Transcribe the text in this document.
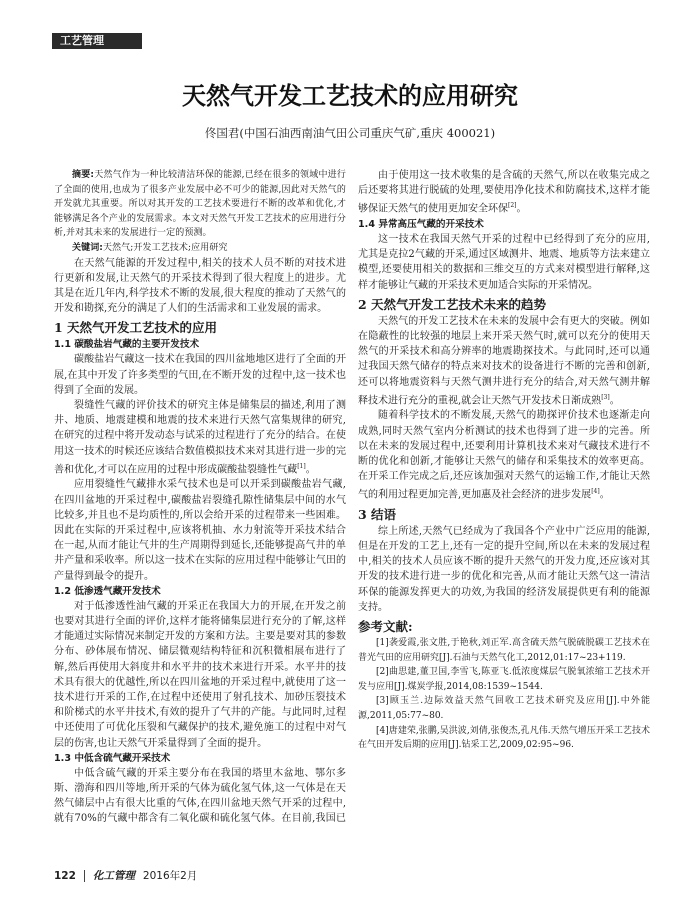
工艺管理
天然气开发工艺技术的应用研究
佟国君(中国石油西南油气田公司重庆气矿,重庆 400021)

摘要:天然气作为一种比较清洁环保的能源,已经在很多的领域中进行了全面的使用,也成为了很多产业发展中必不可少的能源,因此对天然气的开发就尤其重要。所以对其开发的工艺技术要进行不断的改革和优化,才能够满足各个产业的发展需求。本文对天然气开发工艺技术的应用进行分析,并对其未来的发展进行一定的预测。

关键词:天然气;开发工艺技术;应用研究

在天然气能源的开发过程中,相关的技术人员不断的对技术进行更新和发展,让天然气的开采技术得到了很大程度上的进步。尤其是在近几年内,科学技术不断的发展,很大程度的推动了天然气的开发和勘探,充分的满足了人们的生活需求和工业发展的需求。

1 天然气开发工艺技术的应用
1.1 碳酸盐岩气藏的主要开发技术

碳酸盐岩气藏这一技术在我国的四川盆地地区进行了全面的开展,在其中开发了许多类型的气田,在不断开发的过程中,这一技术也得到了全面的发展。

裂缝性气藏的评价技术的研究主体是储集层的描述,利用了测井、地质、地震建模和地震的技术来进行天然气富集规律的研究,在研究的过程中将开发动态与试采的过程进行了充分的结合。在使用这一技术的时候还应该结合数值模拟技术来对其进行进一步的完善和优化,才可以在应用的过程中形成碳酸盐裂缝性气藏[1]。

应用裂缝性气藏排水采气技术也是可以开采到碳酸盐岩气藏,在四川盆地的开采过程中,碳酸盐岩裂缝孔隙性储集层中间的水气比较多,并且也不是均质性的,所以会给开采的过程带来一些困难。因此在实际的开采过程中,应该将机抽、水力射流等开采技术结合在一起,从而才能让气井的生产周期得到延长,还能够提高气井的单井产量和采收率。所以这一技术在实际的应用过程中能够让气田的产量得到最令的提升。

1.2 低渗透气藏开发技术

对于低渗透性油气藏的开采正在我国大力的开展,在开发之前也要对其进行全面的评价,这样才能将储集层进行充分的了解,这样才能通过实际情况来制定开发的方案和方法。主要是要对其的参数分布、砂体展布情况、储层微观结构特征和沉积微相展布进行了解,然后再使用大斜度井和水平井的技术来进行开采。水平井的技术具有很大的优越性,所以在四川盆地的开采过程中,就使用了这一技术进行开采的工作,在过程中还使用了射孔技术、加砂压裂技术和阶梯式的水平井技术,有效的提升了气井的产能。与此同时,过程中还使用了可优化压裂和气藏保护的技术,避免施工的过程中对气层的伤害,也让天然气开采量得到了全面的提升。

1.3 中低含硫气藏开采技术

中低含硫气藏的开采主要分布在我国的塔里木盆地、鄂尔多斯、渤海和四川等地,所开采的气体为硫化氢气体,这一气体是在天然气储层中占有很大比重的气体,在四川盆地天然气开采的过程中,就有70%的气藏中都含有二氧化碳和硫化氢气体。在目前,我国已

由于使用这一技术收集的是含硫的天然气,所以在收集完成之后还要将其进行脱硫的处理,要使用净化技术和防腐技术,这样才能够保证天然气的使用更加安全环保[2]。

1.4 异常高压气藏的开采技术

这一技术在我国天然气开采的过程中已经得到了充分的应用,尤其是克拉2气藏的开采,通过区域测井、地震、地质等方法来建立模型,还要使用相关的数据和三维交互的方式来对模型进行解释,这样才能够让气藏的开采技术更加适合实际的开采情况。

2 天然气开发工艺技术未来的趋势

天然气的开发工艺技术在未来的发展中会有更大的突破。例如在隐蔽性的比较强的地层上来开采天然气时,就可以充分的使用天然气的开采技术和高分辨率的地震勘探技术。与此同时,还可以通过我国天然气储存的特点来对技术的设备进行不断的完善和创新,还可以将地震资料与天然气测井进行充分的结合,对天然气测井解释技术进行充分的重视,就会让天然气开发技术日渐成熟[3]。

随着科学技术的不断发展,天然气的勘探评价技术也逐渐走向成熟,同时天然气室内分析测试的技术也得到了进一步的完善。所以在未来的发展过程中,还要利用计算机技术来对气藏技术进行不断的优化和创新,才能够让天然气的储存和采集技术的效率更高。在开采工作完成之后,还应该加强对天然气的运输工作,才能让天然气的利用过程更加完善,更加惠及社会经济的进步发展[4]。

3 结语

综上所述,天然气已经成为了我国各个产业中广泛应用的能源,但是在开发的工艺上,还有一定的提升空间,所以在未来的发展过程中,相关的技术人员应该不断的提升天然气的开发力度,还应该对其开发的技术进行进一步的优化和完善,从而才能让天然气这一清洁环保的能源发挥更大的功效,为我国的经济发展提供更有利的能源支持。

参考文献:

[1]袭爱霞,张文胜,于艳秋,刘正军.高含硫天然气脱硫脱碳工艺技术在普光气田的应用研究[J].石油与天然气化工,2012,01:17~23+119.

[2]曲思建,董卫国,李雪飞,陈亚飞.低浓度煤层气脱氧浓缩工艺技术开发与应用[J].煤炭学报,2014,08:1539~1544.

[3]顾玉兰.边际效益天然气回收工艺技术研究及应用[J].中外能源,2011,05:77~80.

[4]唐建荣,张鹏,吴洪波,刘倩,张俊杰,孔凡伟.天然气增压开采工艺技术在气田开发后期的应用[J].钻采工艺,2009,02:95~96.

122 化工管理 2016年2月
